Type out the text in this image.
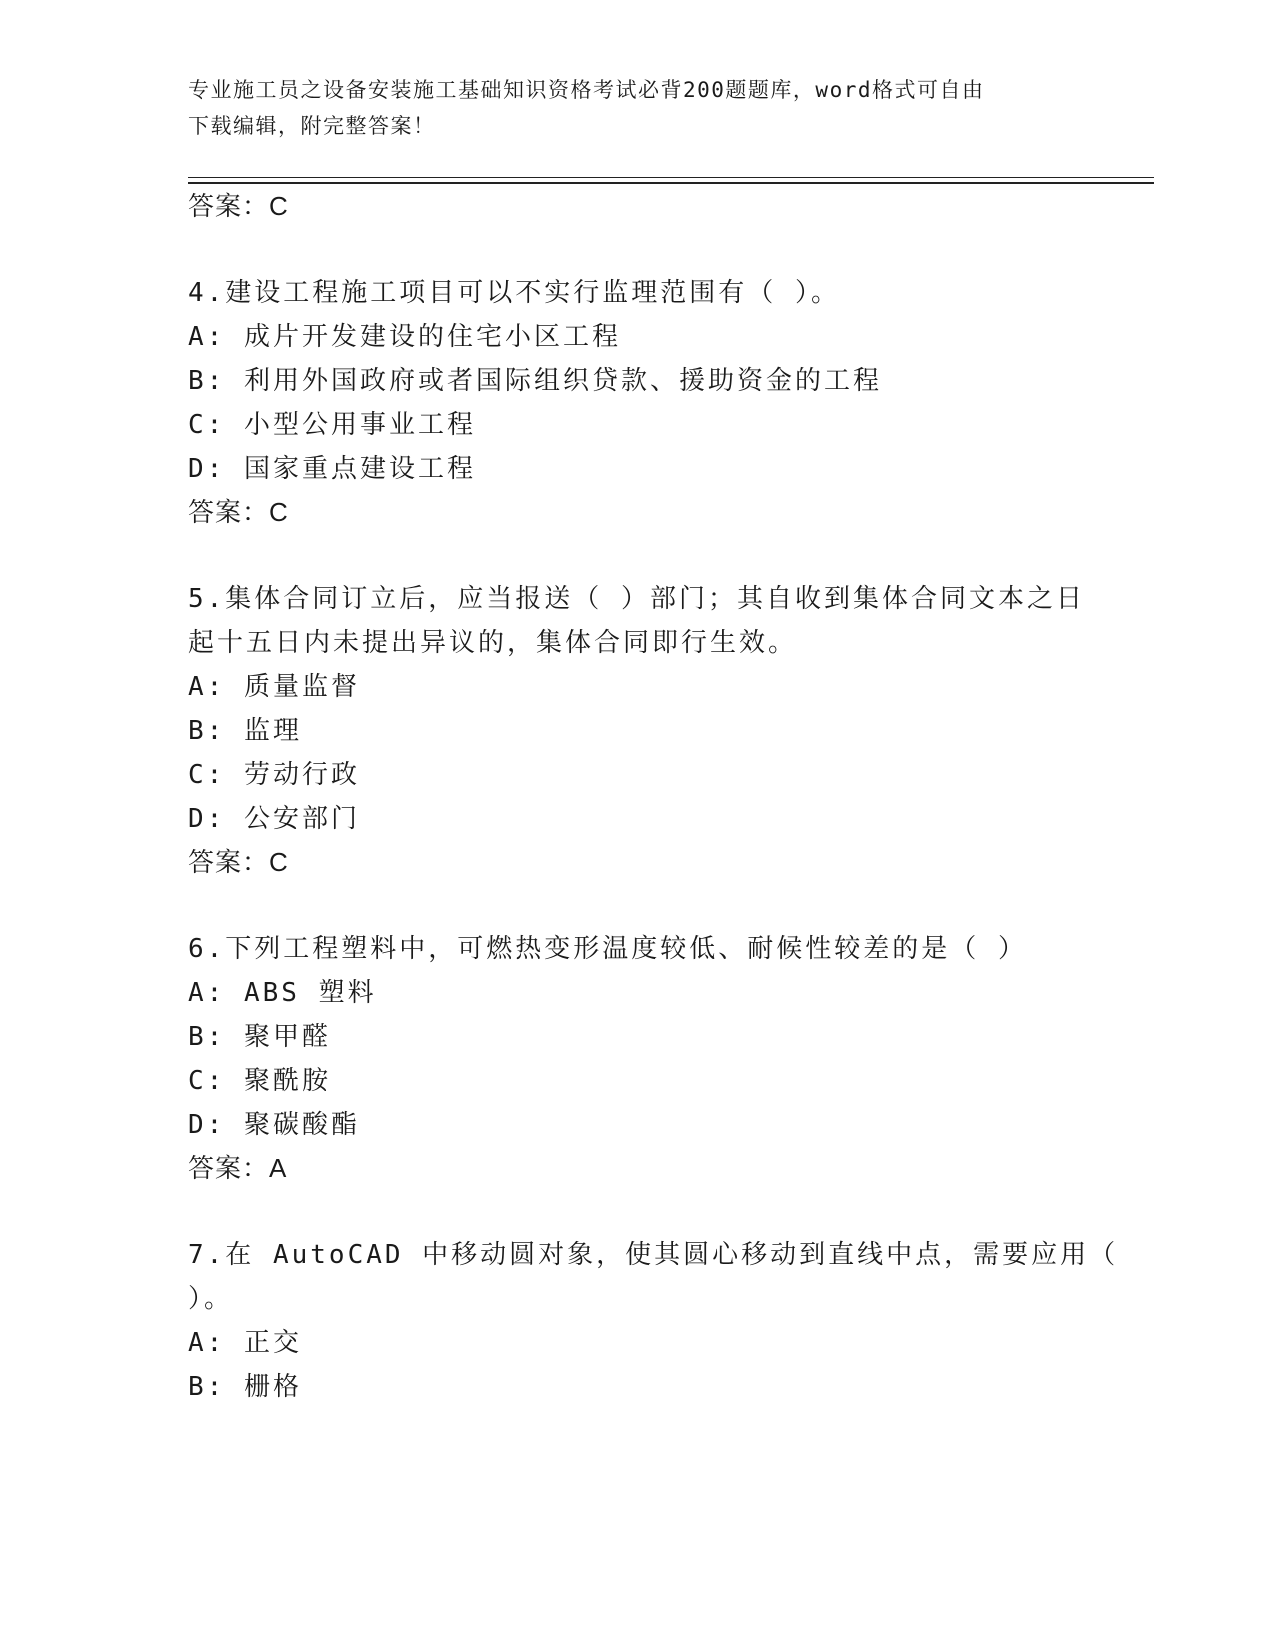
专业施工员之设备安装施工基础知识资格考试必背200题题库，word格式可自由
下载编辑，附完整答案！
答案：C
4.建设工程施工项目可以不实行监理范围有（ ）。
A: 成片开发建设的住宅小区工程
B: 利用外国政府或者国际组织贷款、援助资金的工程
C: 小型公用事业工程
D: 国家重点建设工程
答案：C
5.集体合同订立后，应当报送（ ）部门；其自收到集体合同文本之日
起十五日内未提出异议的，集体合同即行生效。
A: 质量监督
B: 监理
C: 劳动行政
D: 公安部门
答案：C
6.下列工程塑料中，可燃热变形温度较低、耐候性较差的是（ ）
A: ABS 塑料
B: 聚甲醛
C: 聚酰胺
D: 聚碳酸酯
答案：A
7.在 AutoCAD 中移动圆对象，使其圆心移动到直线中点，需要应用（
）。
A: 正交
B: 栅格
